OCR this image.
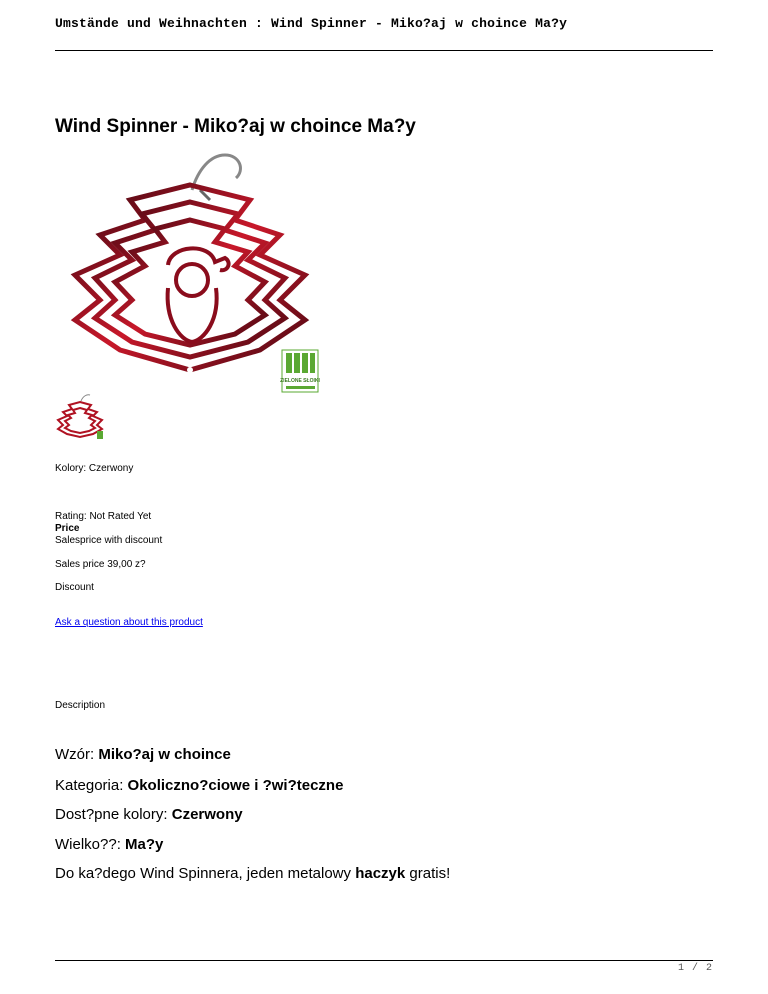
Umstände und Weihnachten : Wind Spinner - Miko?aj w choince Ma?y
Wind Spinner - Miko?aj w choince Ma?y
ZIELONE SŁOIKI
Kolory: Czerwony
Rating: Not Rated Yet
Price
Salesprice with discount
Sales price 39,00 z?
Discount
Ask a question about this product
Description
Wzór: Miko?aj w choince
Kategoria: Okoliczno?ciowe i ?wi?teczne
Dost?pne kolory: Czerwony
Wielko??: Ma?y
Do ka?dego Wind Spinnera, jeden metalowy haczyk gratis!
1 / 2
